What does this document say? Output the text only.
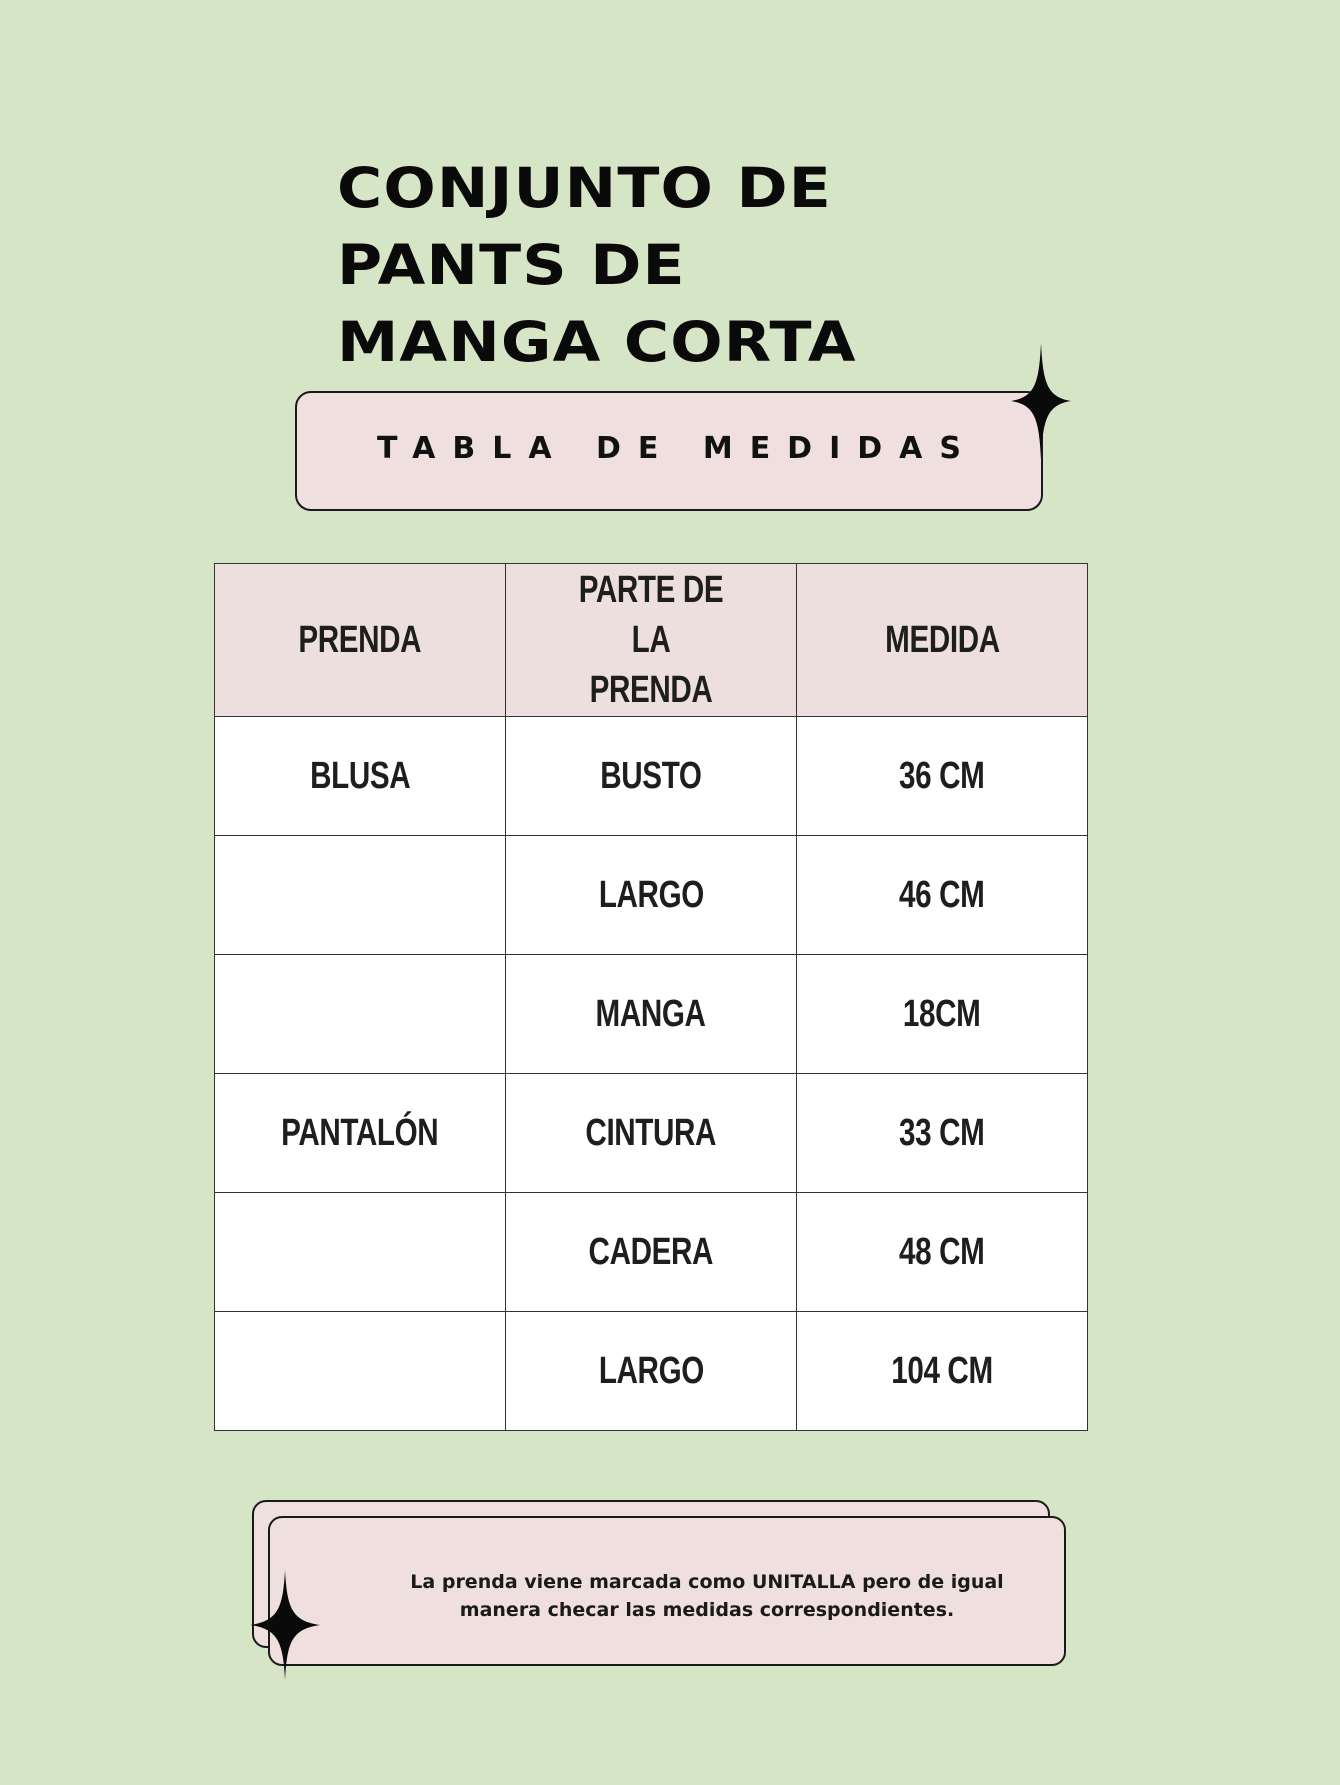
CONJUNTO DE
PANTS DE
MANGA CORTA
TABLA DE MEDIDAS
PRENDA	PARTE DE LA PRENDA	MEDIDA
BLUSA	BUSTO	36 CM
	LARGO	46 CM
	MANGA	18CM
PANTALÓN	CINTURA	33 CM
	CADERA	48 CM
	LARGO	104 CM
La prenda viene marcada como UNITALLA pero de igual manera checar las medidas correspondientes.
